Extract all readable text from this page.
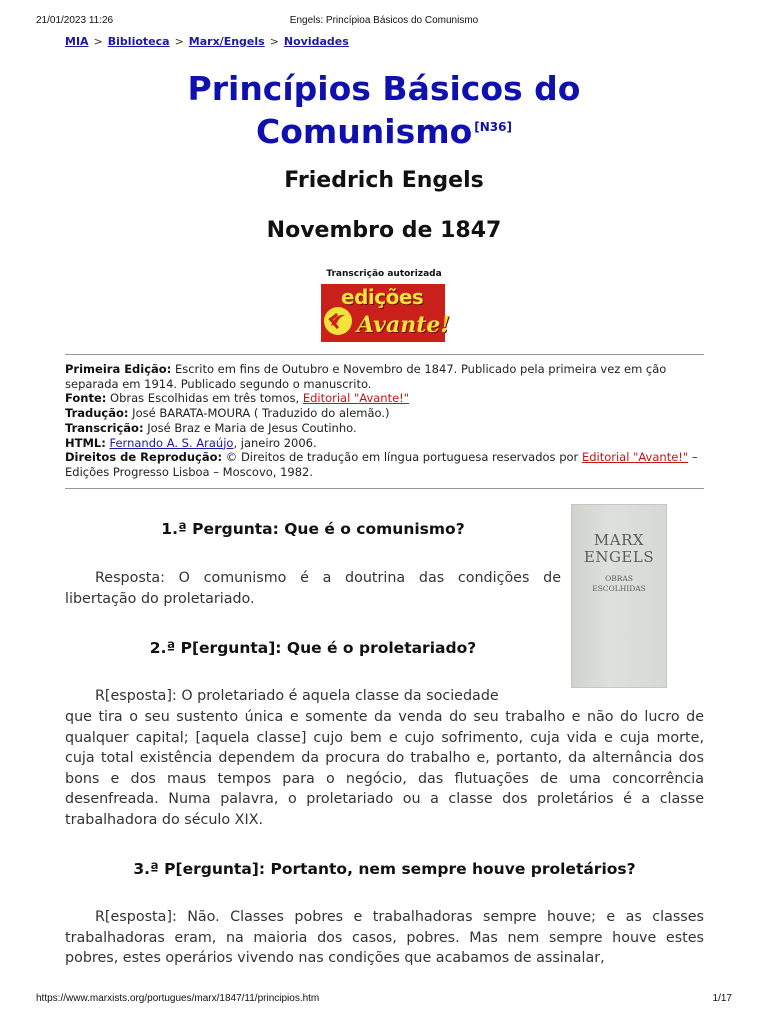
21/01/2023 11:26	Engels: Princípioa Básicos do Comunismo
MIA > Biblioteca > Marx/Engels > Novidades
Princípios Básicos do
Comunismo [N36]
Friedrich Engels
Novembro de 1847
Transcrição autorizada
edições
Avante!
Primeira Edição: Escrito em fins de Outubro e Novembro de 1847. Publicado pela primeira vez em ção separada em 1914. Publicado segundo o manuscrito.
Fonte: Obras Escolhidas em três tomos, Editorial "Avante!"
Tradução: José BARATA-MOURA ( Traduzido do alemão.)
Transcrição: José Braz e Maria de Jesus Coutinho.
HTML: Fernando A. S. Araújo, janeiro 2006.
Direitos de Reprodução: © Direitos de tradução em língua portuguesa reservados por Editorial "Avante!" – Edições Progresso Lisboa – Moscovo, 1982.
MARX
ENGELS
OBRAS
ESCOLHIDAS
1.ª Pergunta: Que é o comunismo?
Resposta: O comunismo é a doutrina das condições de libertação do proletariado.
2.ª P[ergunta]: Que é o proletariado?
R[esposta]: O proletariado é aquela classe da sociedade
que tira o seu sustento única e somente da venda do seu trabalho e não do lucro de qualquer capital; [aquela classe] cujo bem e cujo sofrimento, cuja vida e cuja morte, cuja total existência dependem da procura do trabalho e, portanto, da alternância dos bons e dos maus tempos para o negócio, das flutuações de uma concorrência desenfreada. Numa palavra, o proletariado ou a classe dos proletários é a classe trabalhadora do século XIX.
3.ª P[ergunta]: Portanto, nem sempre houve proletários?
R[esposta]: Não. Classes pobres e trabalhadoras sempre houve; e as classes trabalhadoras eram, na maioria dos casos, pobres. Mas nem sempre houve estes pobres, estes operários vivendo nas condições que acabamos de assinalar,
https://www.marxists.org/portugues/marx/1847/11/principios.htm	1/17
